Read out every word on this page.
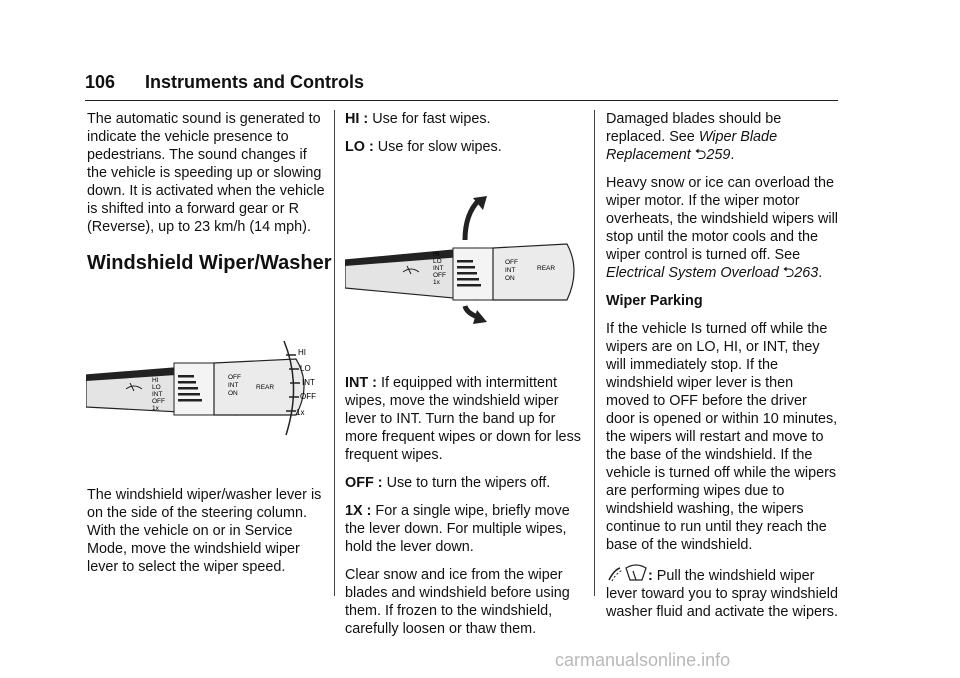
106 Instruments and Controls

The automatic sound is generated to indicate the vehicle presence to pedestrians. The sound changes if the vehicle is speeding up or slowing down. It is activated when the vehicle is shifted into a forward gear or R (Reverse), up to 23 km/h (14 mph).

Windshield Wiper/Washer
HI
LO
INT
OFF
1x
OFF
INT
ON
REAR
HI
LO
INT
OFF
1x

The windshield wiper/washer lever is on the side of the steering column. With the vehicle on or in Service Mode, move the windshield wiper lever to select the wiper speed.

HI : Use for fast wipes.

LO : Use for slow wipes.

HI
LO
INT
OFF
1x
OFF
INT
ON
REAR

INT : If equipped with intermittent wipes, move the windshield wiper lever to INT. Turn the band up for more frequent wipes or down for less frequent wipes.

OFF : Use to turn the wipers off.

1X : For a single wipe, briefly move the lever down. For multiple wipes, hold the lever down.

Clear snow and ice from the wiper blades and windshield before using them. If frozen to the windshield, carefully loosen or thaw them.

Damaged blades should be replaced. See Wiper Blade Replacement ⮌259.

Heavy snow or ice can overload the wiper motor. If the wiper motor overheats, the windshield wipers will stop until the motor cools and the wiper control is turned off. See Electrical System Overload ⮌263.

Wiper Parking

If the vehicle Is turned off while the wipers are on LO, HI, or INT, they will immediately stop. If the windshield wiper lever is then moved to OFF before the driver door is opened or within 10 minutes, the wipers will restart and move to the base of the windshield. If the vehicle is turned off while the wipers are performing wipes due to windshield washing, the wipers continue to run until they reach the base of the windshield.

: Pull the windshield wiper lever toward you to spray windshield washer fluid and activate the wipers.

carmanualsonline.info
